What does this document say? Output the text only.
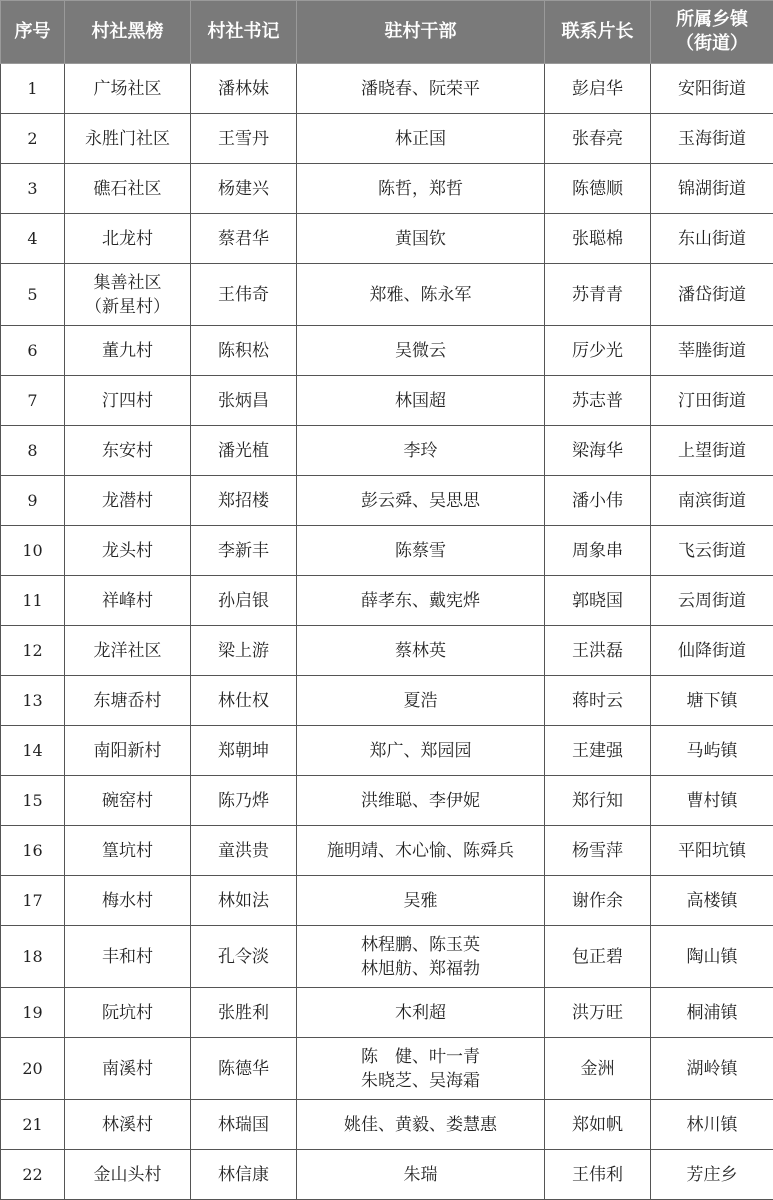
序号	村社黑榜	村社书记	驻村干部	联系片长	所属乡镇
（街道）
1	广场社区	潘林妹	潘晓春、阮荣平	彭启华	安阳街道
2	永胜门社区	王雪丹	林正国	张春亮	玉海街道
3	礁石社区	杨建兴	陈哲，郑哲	陈德顺	锦湖街道
4	北龙村	蔡君华	黄国钦	张聪棉	东山街道
5	集善社区
（新星村）	王伟奇	郑雅、陈永军	苏青青	潘岱街道
6	董九村	陈积松	吴微云	厉少光	莘塍街道
7	汀四村	张炳昌	林国超	苏志普	汀田街道
8	东安村	潘光植	李玲	梁海华	上望街道
9	龙潜村	郑招楼	彭云舜、吴思思	潘小伟	南滨街道
10	龙头村	李新丰	陈蔡雪	周象串	飞云街道
11	祥峰村	孙启银	薛孝东、戴宪烨	郭晓国	云周街道
12	龙洋社区	梁上游	蔡林英	王洪磊	仙降街道
13	东塘岙村	林仕权	夏浩	蒋时云	塘下镇
14	南阳新村	郑朝坤	郑广、郑园园	王建强	马屿镇
15	碗窑村	陈乃烨	洪维聪、李伊妮	郑行知	曹村镇
16	篁坑村	童洪贵	施明靖、木心愉、陈舜兵	杨雪萍	平阳坑镇
17	梅水村	林如法	吴雅	谢作余	高楼镇
18	丰和村	孔令淡	林程鹏、陈玉英
林旭舫、郑福勃	包正碧	陶山镇
19	阮坑村	张胜利	木利超	洪万旺	桐浦镇
20	南溪村	陈德华	陈　健、叶一青
朱晓芝、吴海霜	金洲	湖岭镇
21	林溪村	林瑞国	姚佳、黄毅、娄慧惠	郑如帆	林川镇
22	金山头村	林信康	朱瑞	王伟利	芳庄乡
